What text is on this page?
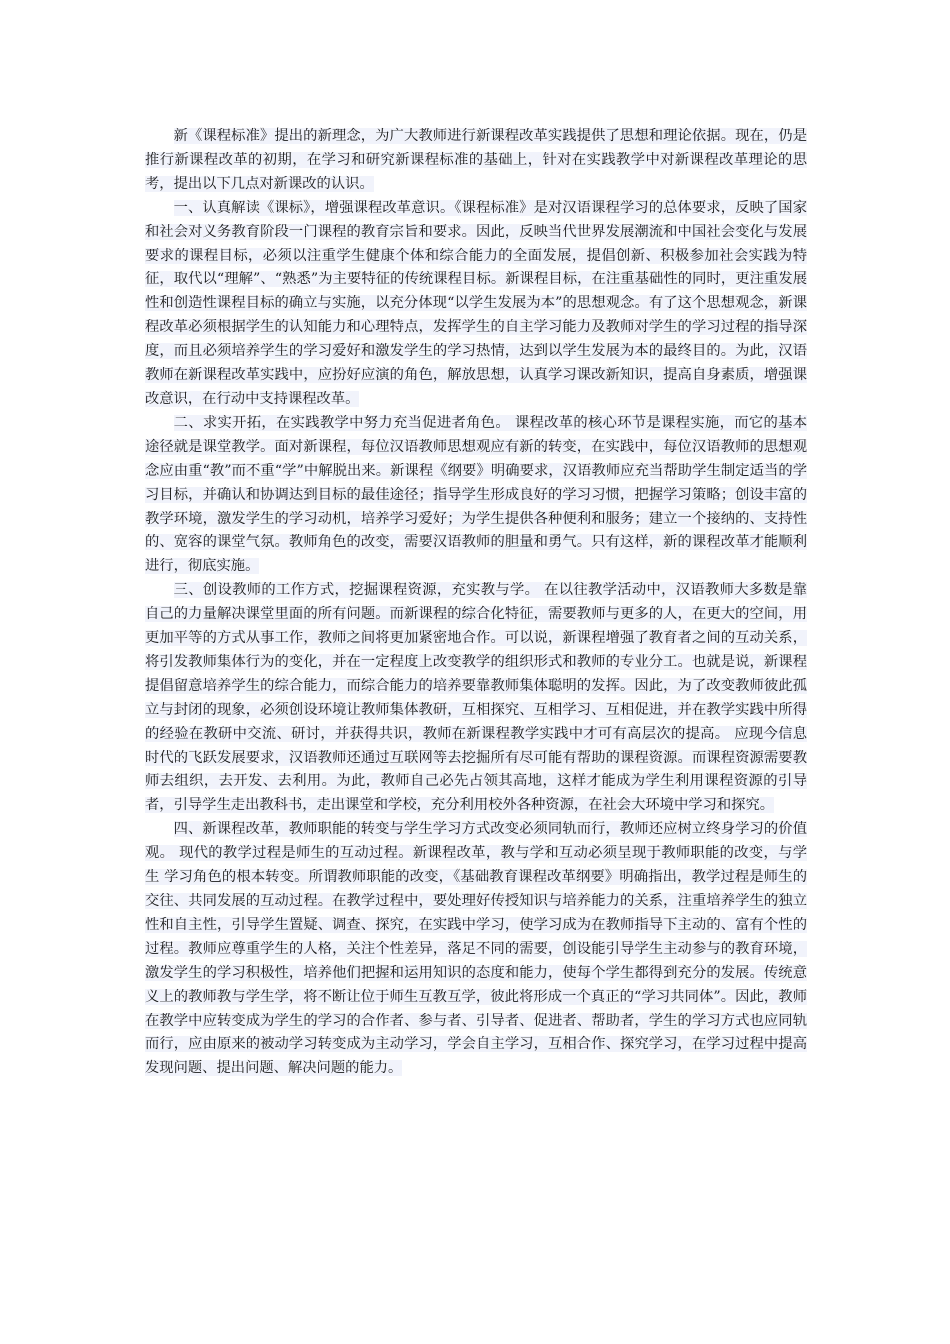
新《课程标准》提出的新理念，为广大教师进行新课程改革实践提供了思想和理论依据。现在，仍是推行新课程改革的初期，在学习和研究新课程标准的基础上，针对在实践教学中对新课程改革理论的思考，提出以下几点对新课改的认识。

一、认真解读《课标》，增强课程改革意识。《课程标准》是对汉语课程学习的总体要求，反映了国家和社会对义务教育阶段一门课程的教育宗旨和要求。因此，反映当代世界发展潮流和中国社会变化与发展要求的课程目标，必须以注重学生健康个体和综合能力的全面发展，提倡创新、积极参加社会实践为特征，取代以“理解”、“熟悉”为主要特征的传统课程目标。新课程目标，在注重基础性的同时，更注重发展性和创造性课程目标的确立与实施，以充分体现“以学生发展为本”的思想观念。有了这个思想观念，新课程改革必须根据学生的认知能力和心理特点，发挥学生的自主学习能力及教师对学生的学习过程的指导深度，而且必须培养学生的学习爱好和激发学生的学习热情，达到以学生发展为本的最终目的。为此，汉语教师在新课程改革实践中，应扮好应演的角色，解放思想，认真学习课改新知识，提高自身素质，增强课改意识，在行动中支持课程改革。

二、求实开拓，在实践教学中努力充当促进者角色。 课程改革的核心环节是课程实施，而它的基本途径就是课堂教学。面对新课程，每位汉语教师思想观应有新的转变，在实践中，每位汉语教师的思想观念应由重“教”而不重“学”中解脱出来。新课程《纲要》明确要求，汉语教师应充当帮助学生制定适当的学习目标，并确认和协调达到目标的最佳途径；指导学生形成良好的学习习惯，把握学习策略；创设丰富的教学环境，激发学生的学习动机，培养学习爱好；为学生提供各种便利和服务；建立一个接纳的、支持性的、宽容的课堂气氛。教师角色的改变，需要汉语教师的胆量和勇气。只有这样，新的课程改革才能顺利进行，彻底实施。

三、创设教师的工作方式，挖掘课程资源，充实教与学。 在以往教学活动中，汉语教师大多数是靠自己的力量解决课堂里面的所有问题。而新课程的综合化特征，需要教师与更多的人，在更大的空间，用更加平等的方式从事工作，教师之间将更加紧密地合作。可以说，新课程增强了教育者之间的互动关系，将引发教师集体行为的变化，并在一定程度上改变教学的组织形式和教师的专业分工。也就是说，新课程提倡留意培养学生的综合能力，而综合能力的培养要靠教师集体聪明的发挥。因此，为了改变教师彼此孤立与封闭的现象，必须创设环境让教师集体教研，互相探究、互相学习、互相促进，并在教学实践中所得的经验在教研中交流、研讨，并获得共识，教师在新课程教学实践中才可有高层次的提高。 应现今信息时代的飞跃发展要求，汉语教师还通过互联网等去挖掘所有尽可能有帮助的课程资源。而课程资源需要教师去组织，去开发、去利用。为此，教师自己必先占领其高地，这样才能成为学生利用课程资源的引导者，引导学生走出教科书，走出课堂和学校，充分利用校外各种资源，在社会大环境中学习和探究。

四、新课程改革，教师职能的转变与学生学习方式改变必须同轨而行，教师还应树立终身学习的价值观。 现代的教学过程是师生的互动过程。新课程改革，教与学和互动必须呈现于教师职能的改变，与学生 学习角色的根本转变。所谓教师职能的改变，《基础教育课程改革纲要》明确指出，教学过程是师生的交往、共同发展的互动过程。在教学过程中，要处理好传授知识与培养能力的关系，注重培养学生的独立性和自主性，引导学生置疑、调查、探究，在实践中学习，使学习成为在教师指导下主动的、富有个性的过程。教师应尊重学生的人格，关注个性差异，落足不同的需要，创设能引导学生主动参与的教育环境，激发学生的学习积极性，培养他们把握和运用知识的态度和能力，使每个学生都得到充分的发展。传统意义上的教师教与学生学，将不断让位于师生互教互学，彼此将形成一个真正的“学习共同体”。因此，教师在教学中应转变成为学生的学习的合作者、参与者、引导者、促进者、帮助者，学生的学习方式也应同轨而行，应由原来的被动学习转变成为主动学习，学会自主学习，互相合作、探究学习，在学习过程中提高发现问题、提出问题、解决问题的能力。
